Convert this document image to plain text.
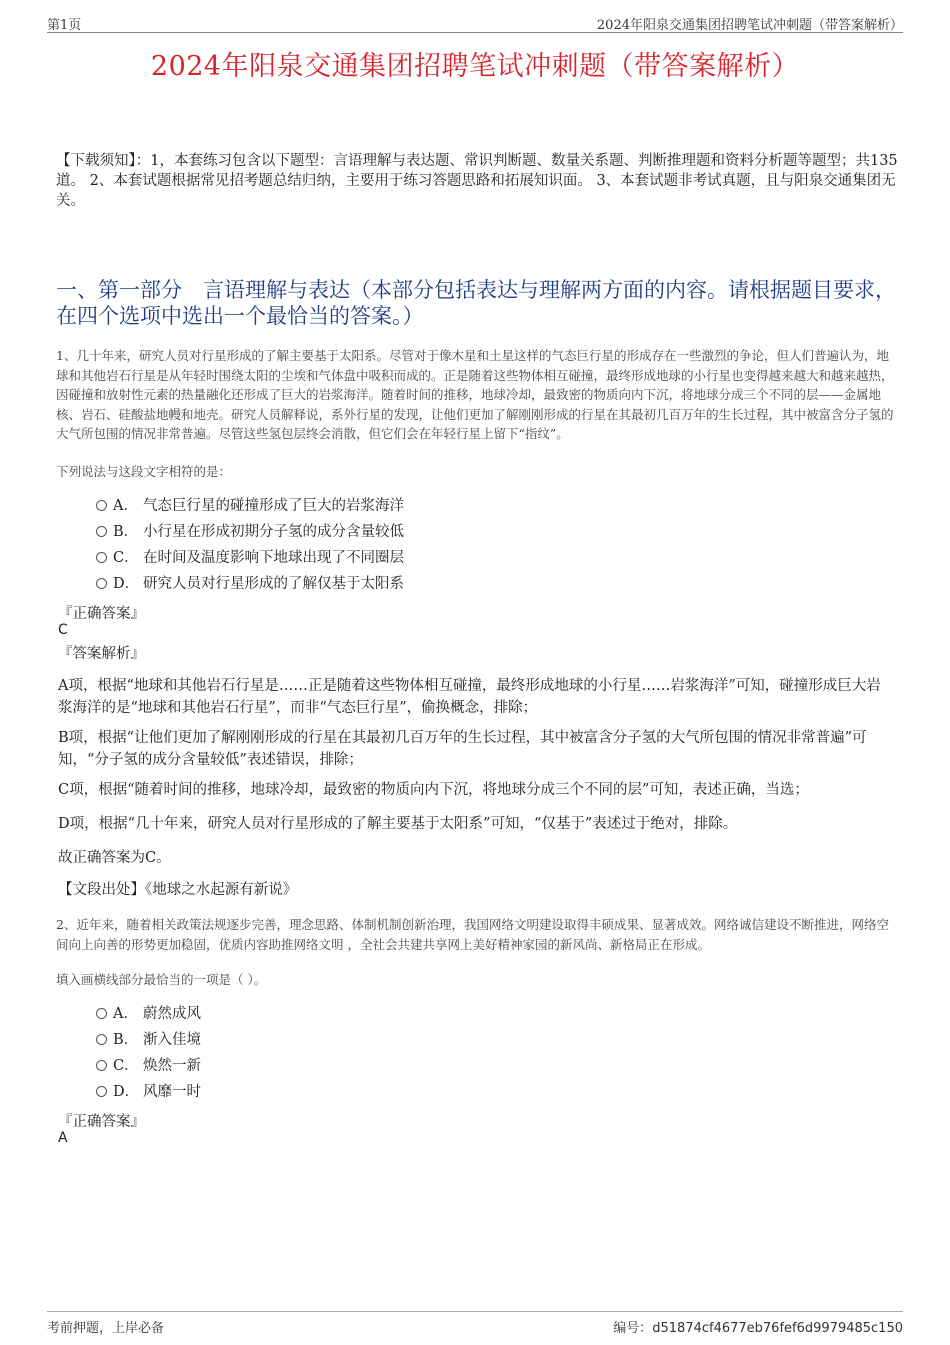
第1页	2024年阳泉交通集团招聘笔试冲刺题（带答案解析）
2024年阳泉交通集团招聘笔试冲刺题（带答案解析）
【下载须知】：1，本套练习包含以下题型：言语理解与表达题、常识判断题、数量关系题、判断推理题和资料分析题等题型；共135道。 2、本套试题根据常见招考题总结归纳，主要用于练习答题思路和拓展知识面。 3、本套试题非考试真题，且与阳泉交通集团无关。
一、第一部分　言语理解与表达（本部分包括表达与理解两方面的内容。请根据题目要求，在四个选项中选出一个最恰当的答案。）
1、几十年来，研究人员对行星形成的了解主要基于太阳系。尽管对于像木星和土星这样的气态巨行星的形成存在一些激烈的争论，但人们普遍认为，地球和其他岩石行星是从年轻时围绕太阳的尘埃和气体盘中吸积而成的。正是随着这些物体相互碰撞，最终形成地球的小行星也变得越来越大和越来越热，因碰撞和放射性元素的热量融化还形成了巨大的岩浆海洋。随着时间的推移，地球冷却，最致密的物质向内下沉，将地球分成三个不同的层——金属地核、岩石、硅酸盐地幔和地壳。研究人员解释说，系外行星的发现，让他们更加了解刚刚形成的行星在其最初几百万年的生长过程，其中被富含分子氢的大气所包围的情况非常普遍。尽管这些氢包层终会消散，但它们会在年轻行星上留下“指纹”。
下列说法与这段文字相符的是：
A． 气态巨行星的碰撞形成了巨大的岩浆海洋
B． 小行星在形成初期分子氢的成分含量较低
C． 在时间及温度影响下地球出现了不同圈层
D． 研究人员对行星形成的了解仅基于太阳系
『正确答案』
C
『答案解析』
A项，根据“地球和其他岩石行星是……正是随着这些物体相互碰撞，最终形成地球的小行星……岩浆海洋”可知，碰撞形成巨大岩浆海洋的是“地球和其他岩石行星”，而非“气态巨行星”，偷换概念，排除；
B项，根据“让他们更加了解刚刚形成的行星在其最初几百万年的生长过程，其中被富含分子氢的大气所包围的情况非常普遍”可知，“分子氢的成分含量较低”表述错误，排除；
C项，根据“随着时间的推移，地球冷却，最致密的物质向内下沉，将地球分成三个不同的层”可知，表述正确，当选；
D项，根据“几十年来，研究人员对行星形成的了解主要基于太阳系”可知，“仅基于”表述过于绝对，排除。
故正确答案为C。
【文段出处】《地球之水起源有新说》
2、近年来，随着相关政策法规逐步完善，理念思路、体制机制创新治理，我国网络文明建设取得丰硕成果、显著成效。网络诚信建设不断推进，网络空间向上向善的形势更加稳固，优质内容助推网络文明 ，全社会共建共享网上美好精神家园的新风尚、新格局正在形成。
填入画横线部分最恰当的一项是（ ）。
A． 蔚然成风
B． 渐入佳境
C． 焕然一新
D． 风靡一时
『正确答案』
A
考前押题，上岸必备	编号：d51874cf4677eb76fef6d9979485c150
